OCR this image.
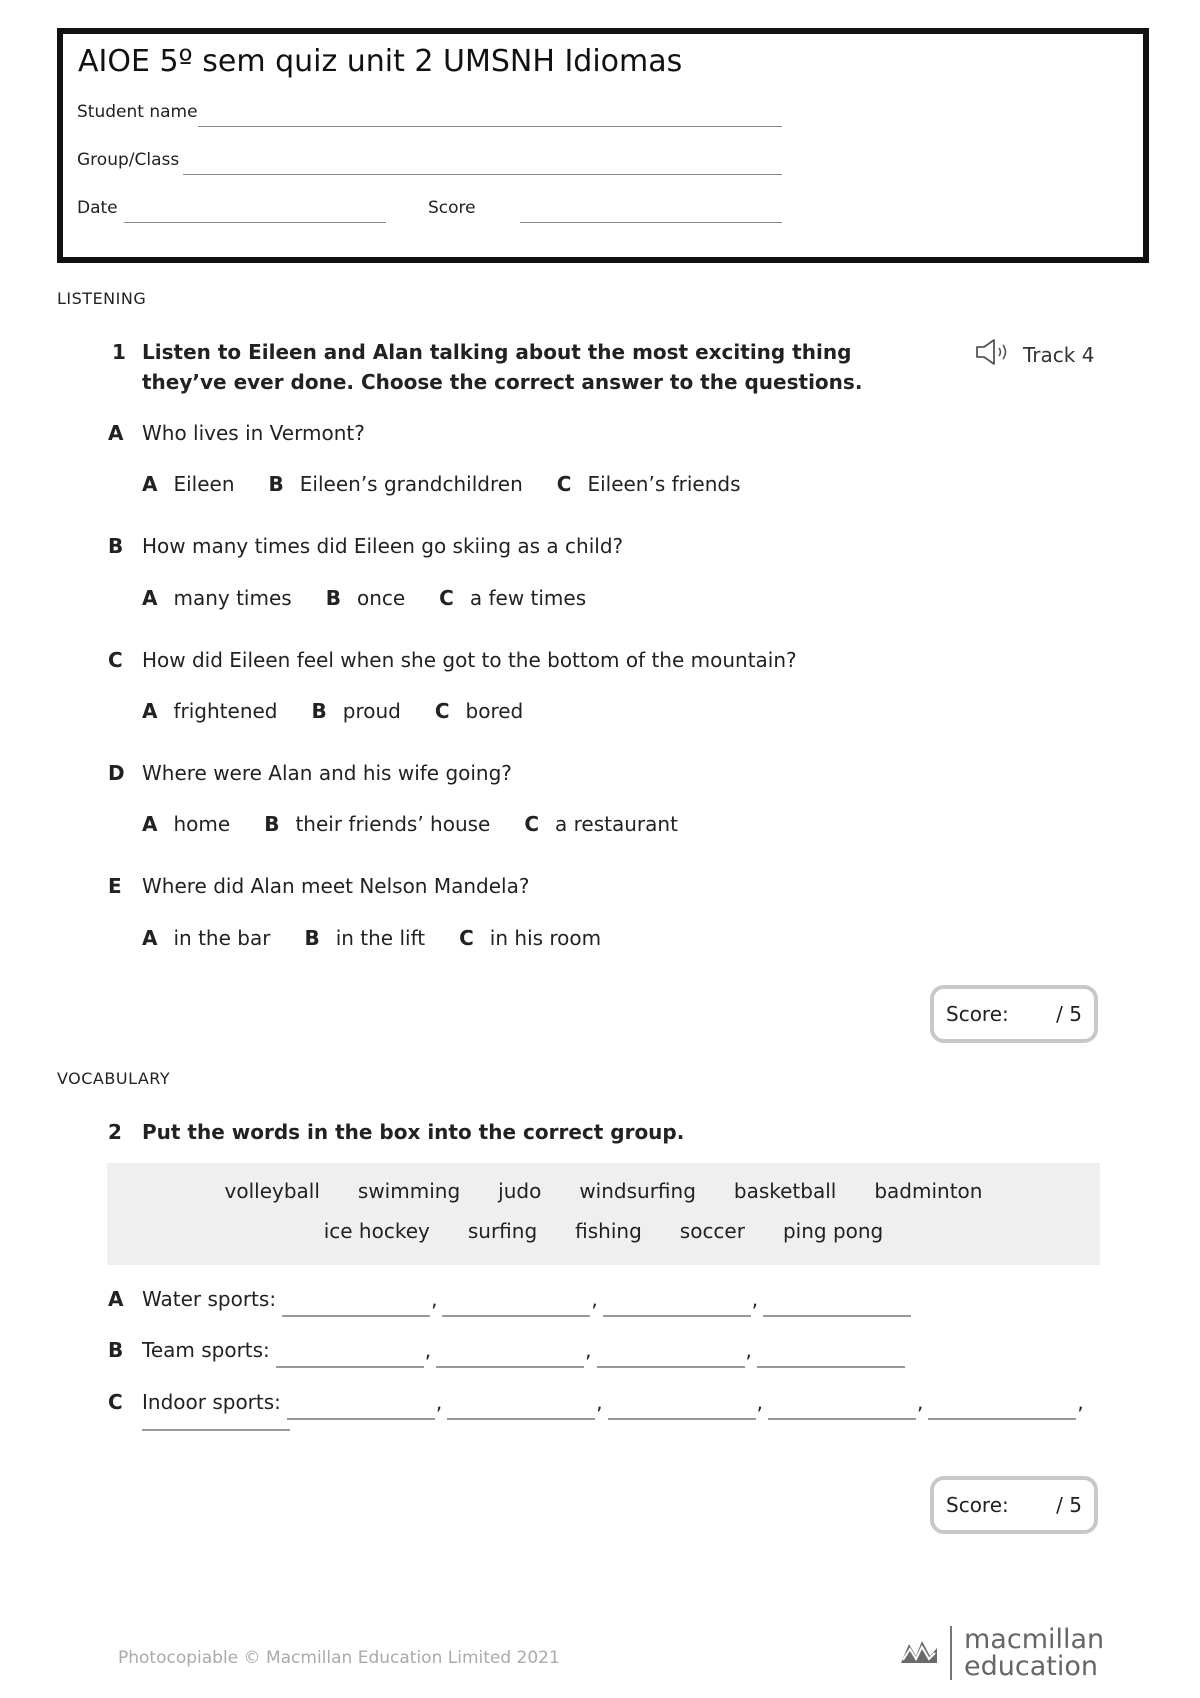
AIOE 5º sem quiz unit 2 UMSNH Idiomas
Student name
Group/Class
Date	Score
LISTENING
1 Listen to Eileen and Alan talking about the most exciting thing they’ve ever done. Choose the correct answer to the questions.
Track 4
A Who lives in Vermont?
A Eileen B Eileen’s grandchildren C Eileen’s friends
B How many times did Eileen go skiing as a child?
A many times B once C a few times
C How did Eileen feel when she got to the bottom of the mountain?
A frightened B proud C bored
D Where were Alan and his wife going?
A home B their friends’ house C a restaurant
E Where did Alan meet Nelson Mandela?
A in the bar B in the lift C in his room
Score: / 5
VOCABULARY
2 Put the words in the box into the correct group.
volleyball swimming judo windsurfing basketball badminton
ice hockey surfing fishing soccer ping pong
A Water sports:	,	,	,
B Team sports:	,	,	,
C Indoor sports:	,	,	,	,	,
Score: / 5
Photocopiable © Macmillan Education Limited 2021
macmillan
education
